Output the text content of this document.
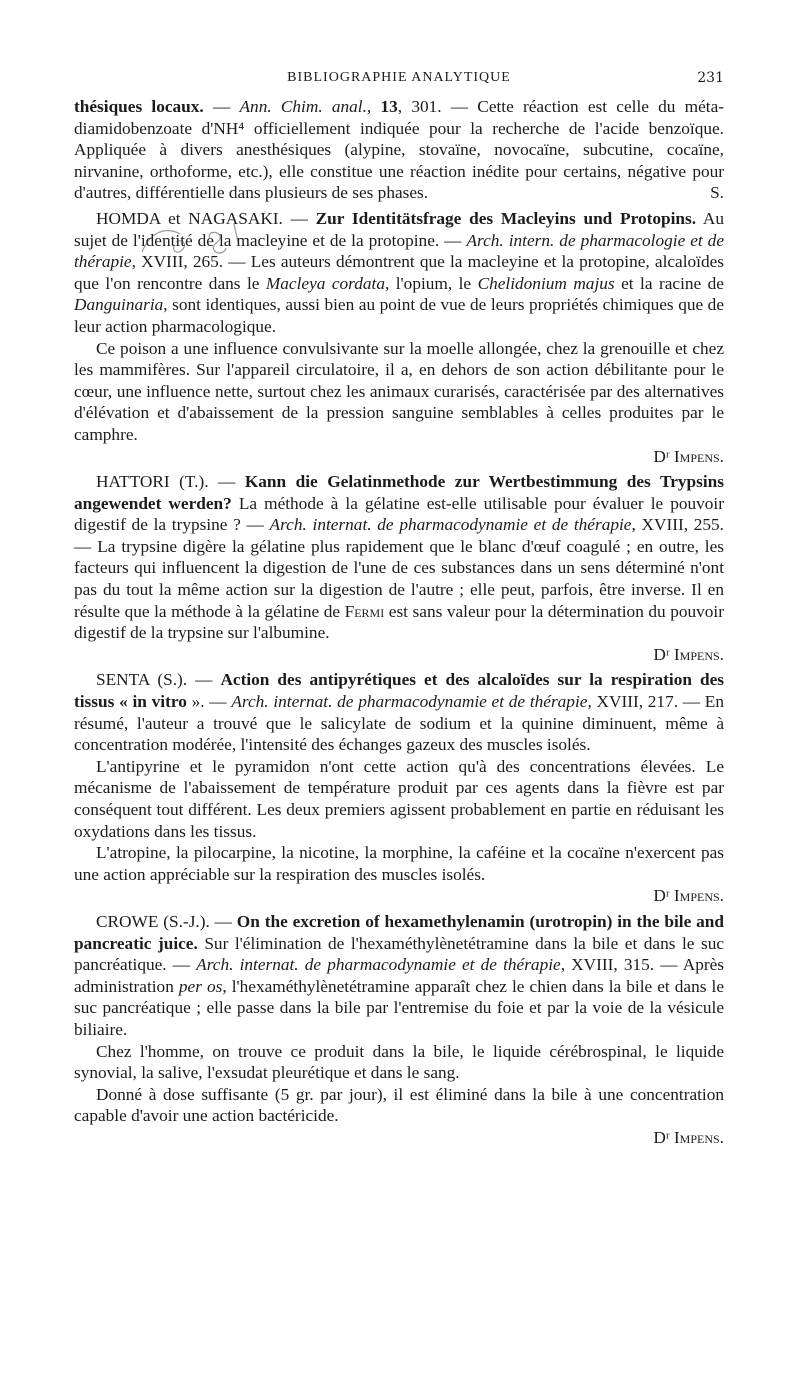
BIBLIOGRAPHIE ANALYTIQUE	231

thésiques locaux. — Ann. Chim. anal., 13, 301. — Cette réaction est celle du méta-diamidobenzoate d'NH⁴ officiellement indiquée pour la recherche de l'acide benzoïque. Appliquée à divers anesthésiques (alypine, stovaïne, novocaïne, subcutine, cocaïne, nirvanine, orthoforme, etc.), elle constitue une réaction inédite pour certains, négative pour d'autres, différentielle dans plusieurs de ses phases.	S.

HOMDA et NAGASAKI. — Zur Identitätsfrage des Macleyins und Protopins. Au sujet de l'identité de la macleyine et de la protopine. — Arch. intern. de pharmacologie et de thérapie, XVIII, 265. — Les auteurs démontrent que la macleyine et la protopine, alcaloïdes que l'on rencontre dans le Macleya cordata, l'opium, le Chelidonium majus et la racine de Danguinaria, sont identiques, aussi bien au point de vue de leurs propriétés chimiques que de leur action pharmacologique.

Ce poison a une influence convulsivante sur la moelle allongée, chez la grenouille et chez les mammifères. Sur l'appareil circulatoire, il a, en dehors de son action débilitante pour le cœur, une influence nette, surtout chez les animaux curarisés, caractérisée par des alternatives d'élévation et d'abaissement de la pression sanguine semblables à celles produites par le camphre.

Dʳ Impens.

HATTORI (T.). — Kann die Gelatinmethode zur Wertbestimmung des Trypsins angewendet werden? La méthode à la gélatine est-elle utilisable pour évaluer le pouvoir digestif de la trypsine ? — Arch. internat. de pharmacodynamie et de thérapie, XVIII, 255. — La trypsine digère la gélatine plus rapidement que le blanc d'œuf coagulé ; en outre, les facteurs qui influencent la digestion de l'une de ces substances dans un sens déterminé n'ont pas du tout la même action sur la digestion de l'autre ; elle peut, parfois, être inverse. Il en résulte que la méthode à la gélatine de Fermi est sans valeur pour la détermination du pouvoir digestif de la trypsine sur l'albumine.

Dʳ Impens.

SENTA (S.). — Action des antipyrétiques et des alcaloïdes sur la respiration des tissus « in vitro ». — Arch. internat. de pharmacodynamie et de thérapie, XVIII, 217. — En résumé, l'auteur a trouvé que le salicylate de sodium et la quinine diminuent, même à concentration modérée, l'intensité des échanges gazeux des muscles isolés.

L'antipyrine et le pyramidon n'ont cette action qu'à des concentrations élevées. Le mécanisme de l'abaissement de température produit par ces agents dans la fièvre est par conséquent tout différent. Les deux premiers agissent probablement en partie en réduisant les oxydations dans les tissus.

L'atropine, la pilocarpine, la nicotine, la morphine, la caféine et la cocaïne n'exercent pas une action appréciable sur la respiration des muscles isolés.

Dʳ Impens.

CROWE (S.-J.). — On the excretion of hexamethylenamin (urotropin) in the bile and pancreatic juice. Sur l'élimination de l'hexaméthylènetétramine dans la bile et dans le suc pancréatique. — Arch. internat. de pharmacodynamie et de thérapie, XVIII, 315. — Après administration per os, l'hexaméthylènetétramine apparaît chez le chien dans la bile et dans le suc pancréatique ; elle passe dans la bile par l'entremise du foie et par la voie de la vésicule biliaire.

Chez l'homme, on trouve ce produit dans la bile, le liquide cérébrospinal, le liquide synovial, la salive, l'exsudat pleurétique et dans le sang.

Donné à dose suffisante (5 gr. par jour), il est éliminé dans la bile à une concentration capable d'avoir une action bactéricide.

Dʳ Impens.
